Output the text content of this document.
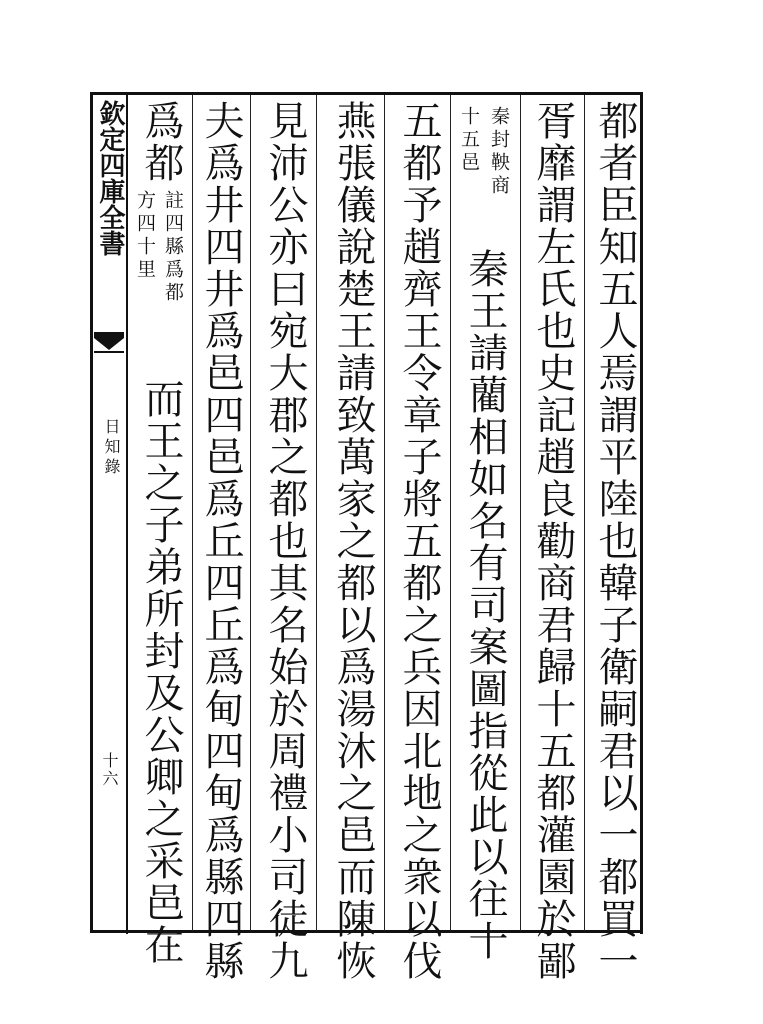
欽定四庫全書
日知錄
十六	都者臣知五人焉謂平陸也韓子衛嗣君以一都買一
胥靡謂左氏也史記趙良勸商君歸十五都灌園於鄙
秦封鞅商
十五邑
秦王請藺相如名有司案圖指從此以往十
五都予趙齊王令章子將五都之兵因北地之衆以伐
燕張儀說楚王請致萬家之都以爲湯沐之邑而陳恢
見沛公亦曰宛大郡之都也其名始於周禮小司徒九
夫爲井四井爲邑四邑爲丘四丘爲甸四甸爲縣四縣
爲都
註四縣爲都
方四十里
而王之子弟所封及公卿之采邑在
